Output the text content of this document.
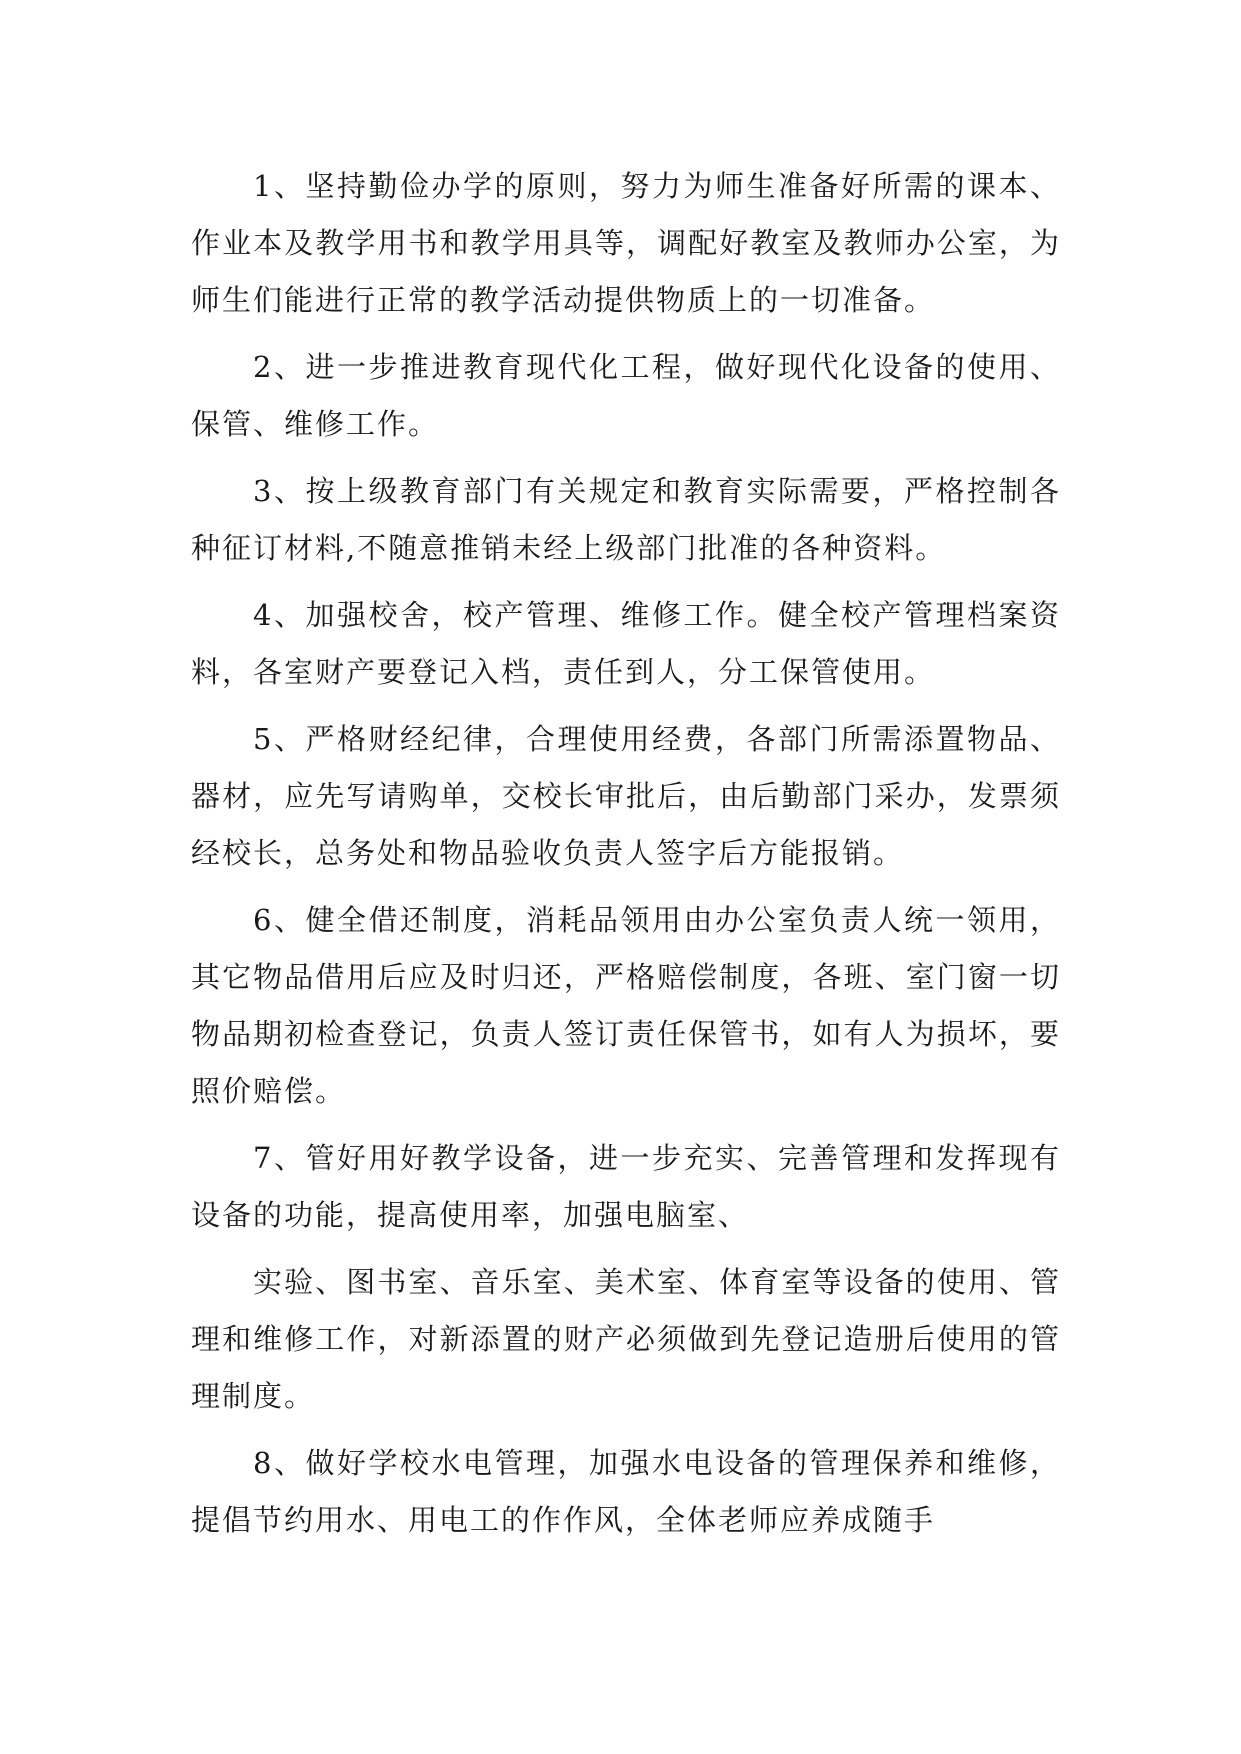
1、坚持勤俭办学的原则，努力为师生准备好所需的课本、作业本及教学用书和教学用具等，调配好教室及教师办公室，为师生们能进行正常的教学活动提供物质上的一切准备。

2、进一步推进教育现代化工程，做好现代化设备的使用、保管、维修工作。

3、按上级教育部门有关规定和教育实际需要，严格控制各种征订材料,不随意推销未经上级部门批准的各种资料。

4、加强校舍，校产管理、维修工作。健全校产管理档案资料，各室财产要登记入档，责任到人，分工保管使用。

5、严格财经纪律，合理使用经费，各部门所需添置物品、器材，应先写请购单，交校长审批后，由后勤部门采办，发票须经校长，总务处和物品验收负责人签字后方能报销。

6、健全借还制度，消耗品领用由办公室负责人统一领用，其它物品借用后应及时归还，严格赔偿制度，各班、室门窗一切物品期初检查登记，负责人签订责任保管书，如有人为损坏，要照价赔偿。

7、管好用好教学设备，进一步充实、完善管理和发挥现有设备的功能，提高使用率，加强电脑室、

实验、图书室、音乐室、美术室、体育室等设备的使用、管理和维修工作，对新添置的财产必须做到先登记造册后使用的管理制度。

8、做好学校水电管理，加强水电设备的管理保养和维修，提倡节约用水、用电工的作作风，全体老师应养成随手
